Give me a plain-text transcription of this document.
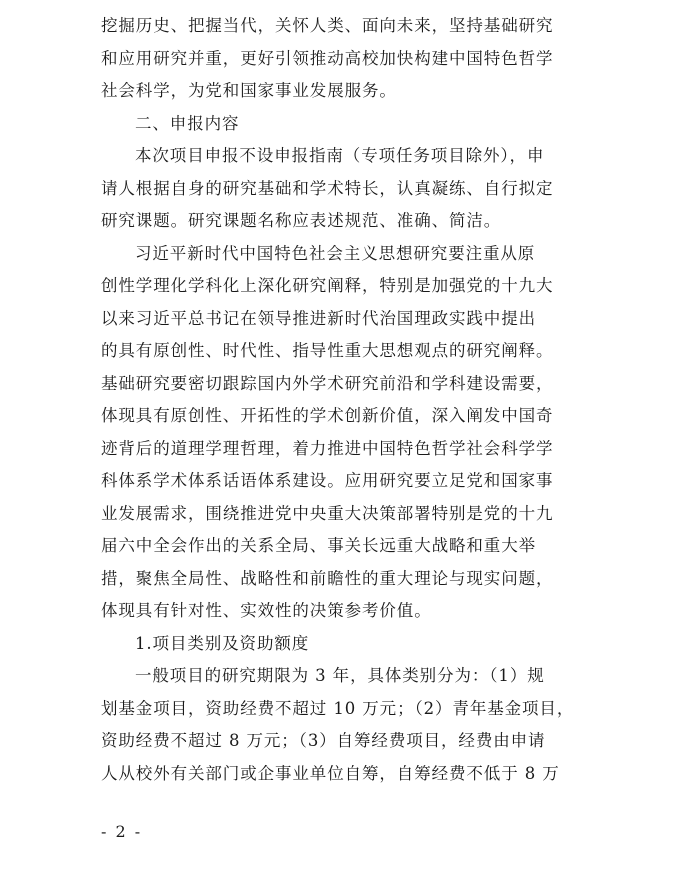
挖掘历史、把握当代，关怀人类、面向未来，坚持基础研究
和应用研究并重，更好引领推动高校加快构建中国特色哲学
社会科学，为党和国家事业发展服务。
二、申报内容
本次项目申报不设申报指南（专项任务项目除外），申
请人根据自身的研究基础和学术特长，认真凝练、自行拟定
研究课题。研究课题名称应表述规范、准确、简洁。
习近平新时代中国特色社会主义思想研究要注重从原
创性学理化学科化上深化研究阐释，特别是加强党的十九大
以来习近平总书记在领导推进新时代治国理政实践中提出
的具有原创性、时代性、指导性重大思想观点的研究阐释。
基础研究要密切跟踪国内外学术研究前沿和学科建设需要，
体现具有原创性、开拓性的学术创新价值，深入阐发中国奇
迹背后的道理学理哲理，着力推进中国特色哲学社会科学学
科体系学术体系话语体系建设。应用研究要立足党和国家事
业发展需求，围绕推进党中央重大决策部署特别是党的十九
届六中全会作出的关系全局、事关长远重大战略和重大举
措，聚焦全局性、战略性和前瞻性的重大理论与现实问题，
体现具有针对性、实效性的决策参考价值。
1.项目类别及资助额度
一般项目的研究期限为 3 年，具体类别分为：（1）规
划基金项目，资助经费不超过 10 万元；（2）青年基金项目，
资助经费不超过 8 万元；（3）自筹经费项目，经费由申请
人从校外有关部门或企事业单位自筹，自筹经费不低于 8 万
- 2 -
